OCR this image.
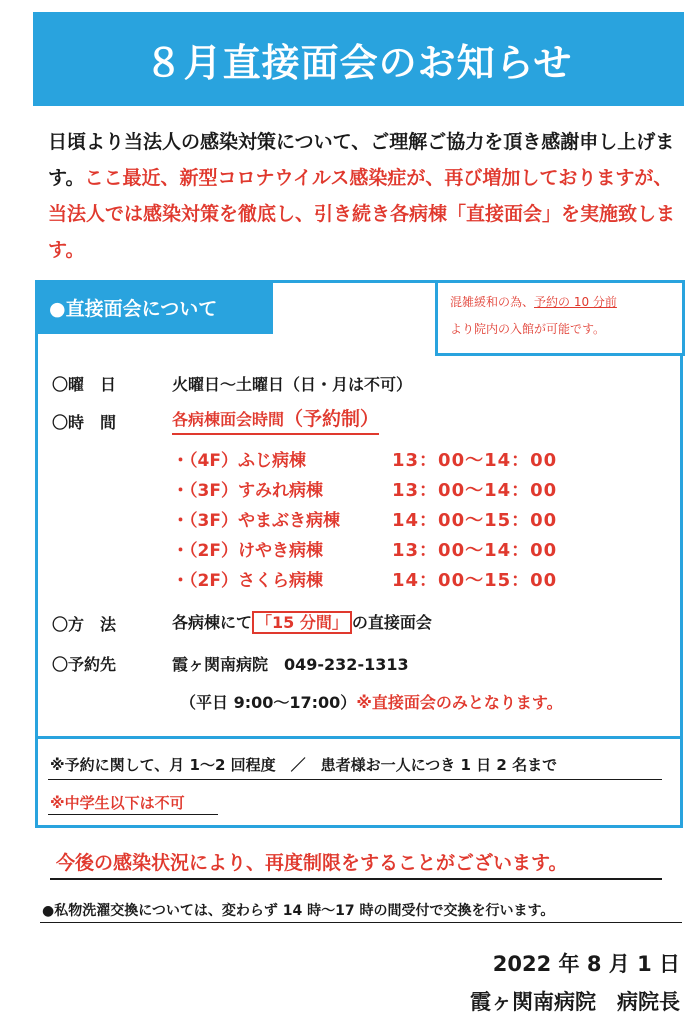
８月直接面会のお知らせ
日頃より当法人の感染対策について、ご理解ご協力を頂き感謝申し上げます。ここ最近、新型コロナウイルス感染症が、再び増加しておりますが、当法人では感染対策を徹底し、引き続き各病棟「直接面会」を実施致します。
●直接面会について	混雑緩和の為、予約の 10 分前
より院内の入館が可能です。
〇曜　日	火曜日～土曜日（日・月は不可）
〇時　間	各病棟面会時間（予約制）
・（4F）ふじ病棟	13：00～14：00
・（3F）すみれ病棟	13：00～14：00
・（3F）やまぶき病棟	14：00～15：00
・（2F）けやき病棟	13：00～14：00
・（2F）さくら病棟	14：00～15：00
〇方　法	各病棟にて 「15 分間」 の直接面会
〇予約先	霞ヶ関南病院　049-232-1313
（平日 9:00～17:00）※直接面会のみとなります。
※予約に関して、月 1～2 回程度　／　患者様お一人につき 1 日 2 名まで
※中学生以下は不可
今後の感染状況により、再度制限をすることがございます。
●私物洗濯交換については、変わらず 14 時～17 時の間受付で交換を行います。
2022 年 8 月 1 日
霞ヶ関南病院　病院長
